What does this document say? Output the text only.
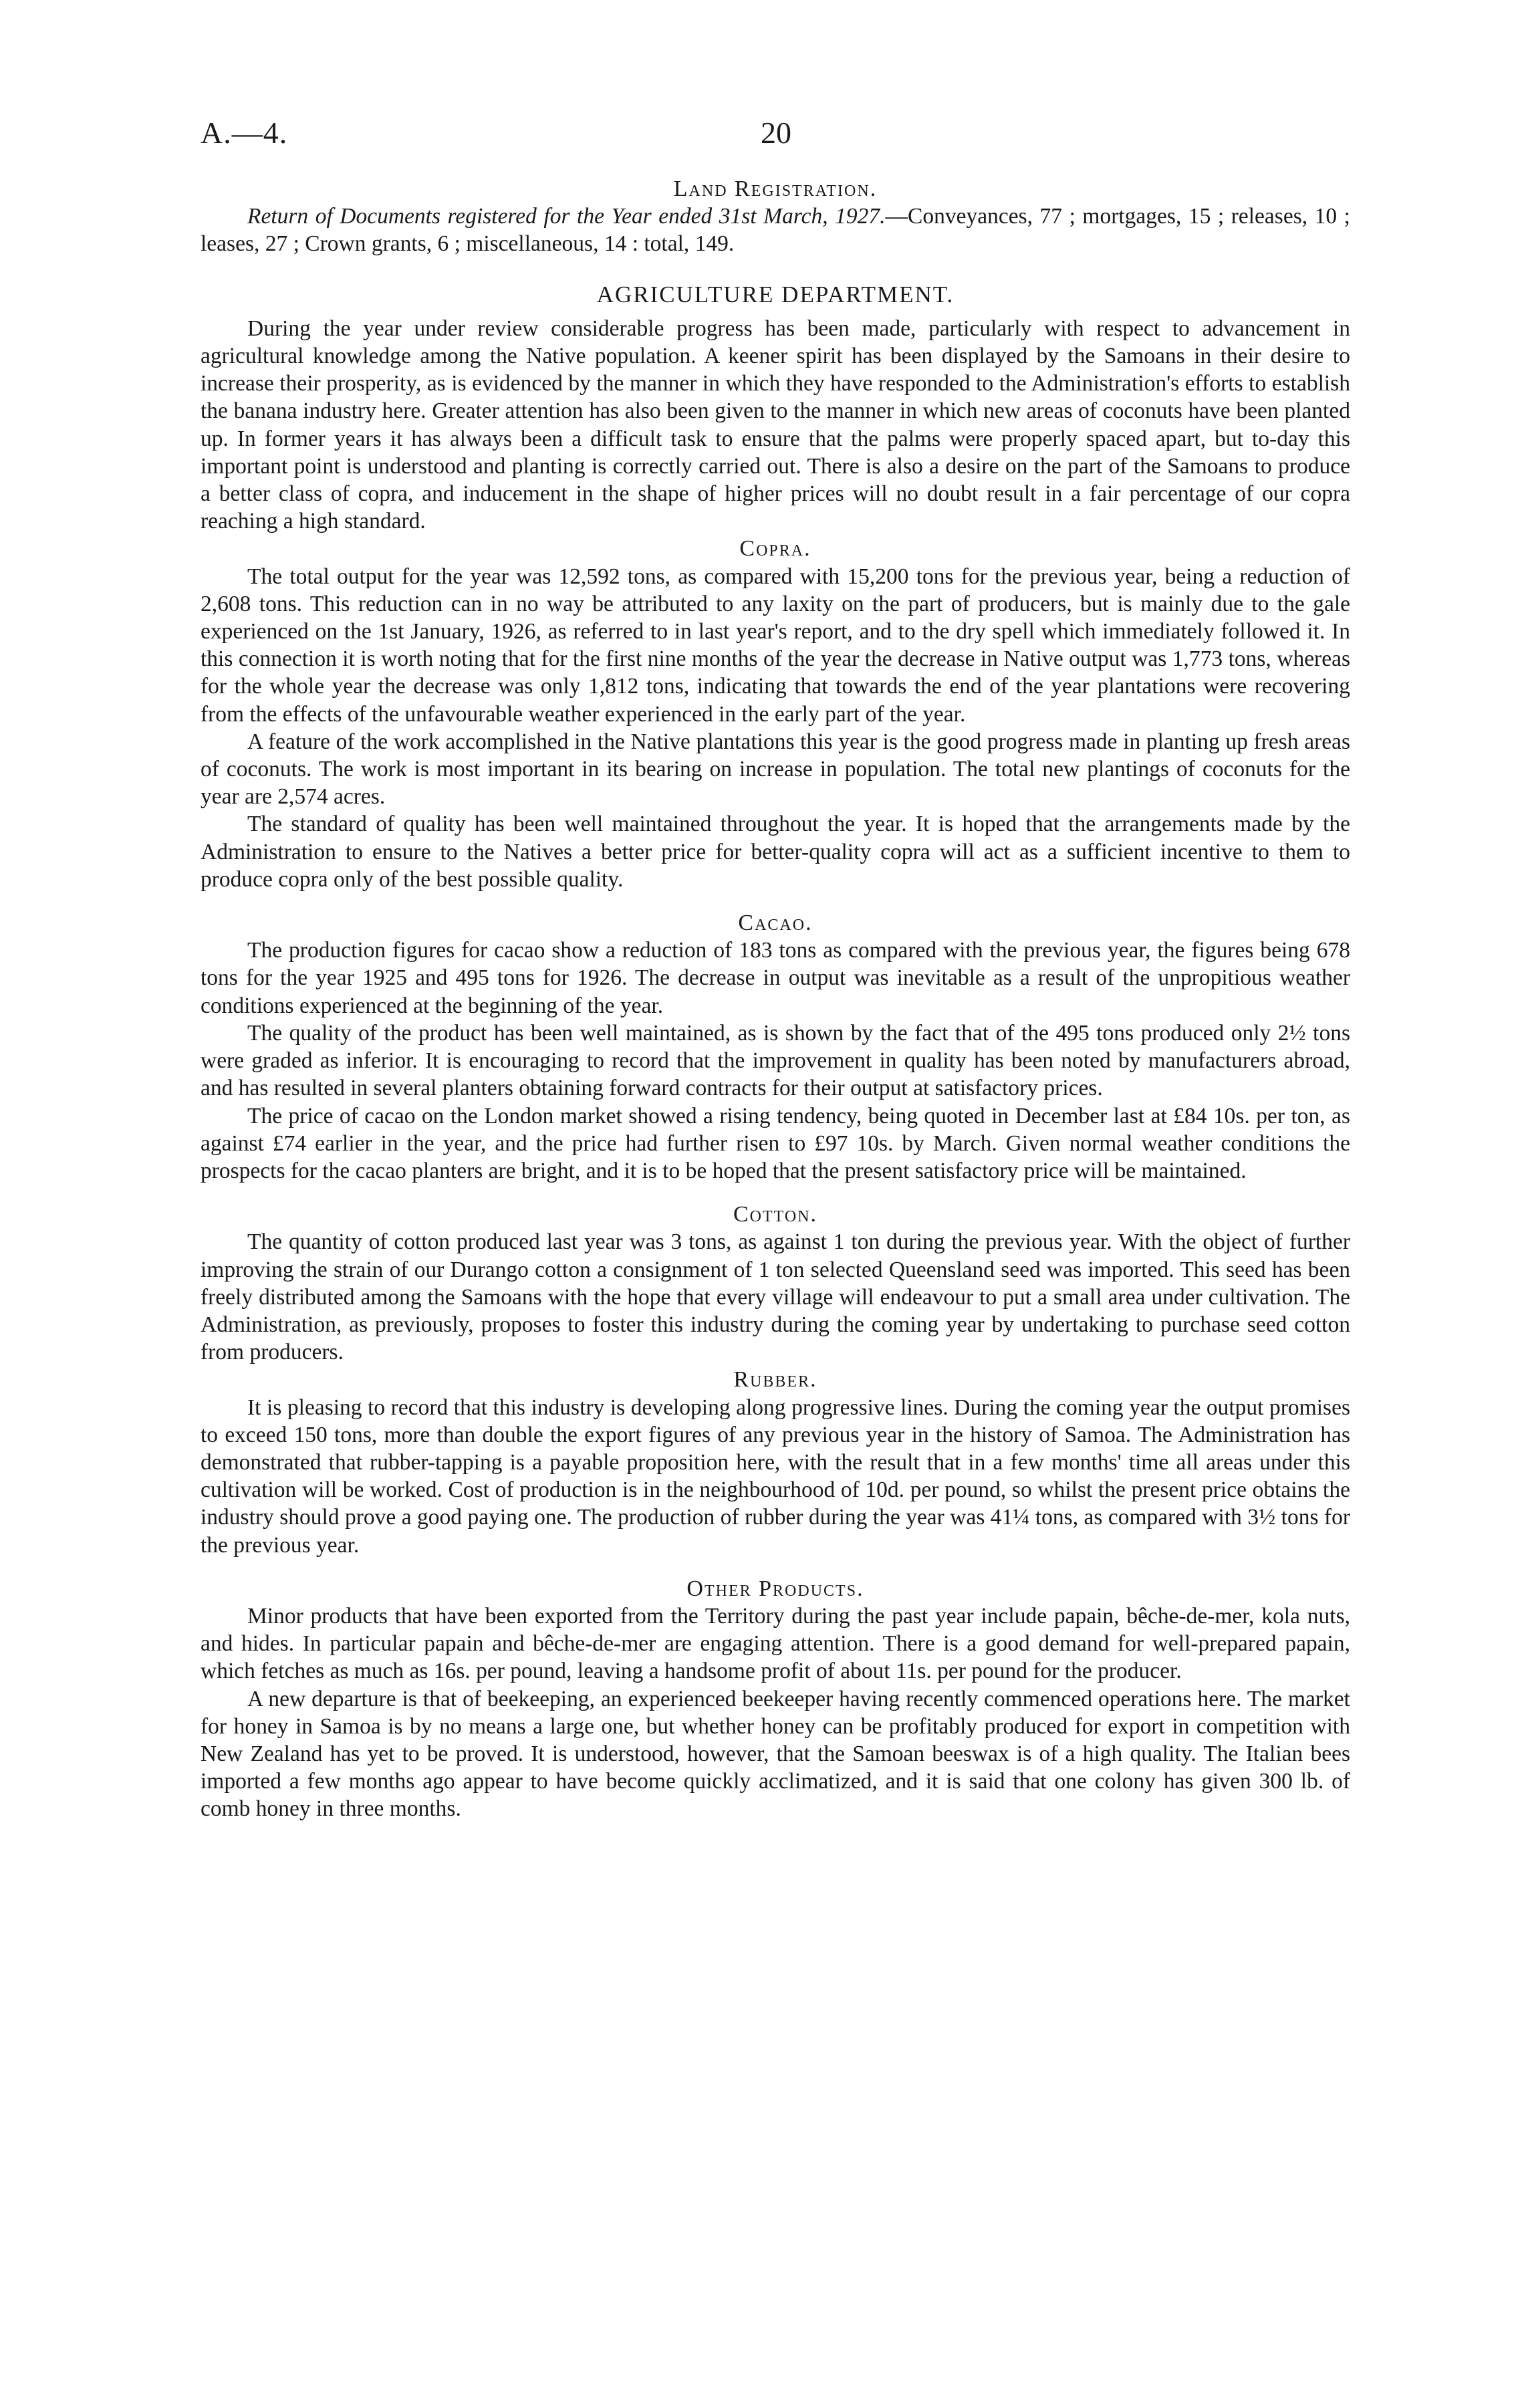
A.—4.	20
Land Registration.

Return of Documents registered for the Year ended 31st March, 1927.—Conveyances, 77 ; mortgages, 15 ; releases, 10 ; leases, 27 ; Crown grants, 6 ; miscellaneous, 14 : total, 149.

AGRICULTURE DEPARTMENT.

During the year under review considerable progress has been made, particularly with respect to advancement in agricultural knowledge among the Native population. A keener spirit has been displayed by the Samoans in their desire to increase their prosperity, as is evidenced by the manner in which they have responded to the Administration's efforts to establish the banana industry here. Greater attention has also been given to the manner in which new areas of coconuts have been planted up. In former years it has always been a difficult task to ensure that the palms were properly spaced apart, but to-day this important point is understood and planting is correctly carried out. There is also a desire on the part of the Samoans to produce a better class of copra, and inducement in the shape of higher prices will no doubt result in a fair percentage of our copra reaching a high standard.

Copra.

The total output for the year was 12,592 tons, as compared with 15,200 tons for the previous year, being a reduction of 2,608 tons. This reduction can in no way be attributed to any laxity on the part of producers, but is mainly due to the gale experienced on the 1st January, 1926, as referred to in last year's report, and to the dry spell which immediately followed it. In this connection it is worth noting that for the first nine months of the year the decrease in Native output was 1,773 tons, whereas for the whole year the decrease was only 1,812 tons, indicating that towards the end of the year plantations were recovering from the effects of the unfavourable weather experienced in the early part of the year.

A feature of the work accomplished in the Native plantations this year is the good progress made in planting up fresh areas of coconuts. The work is most important in its bearing on increase in population. The total new plantings of coconuts for the year are 2,574 acres.

The standard of quality has been well maintained throughout the year. It is hoped that the arrangements made by the Administration to ensure to the Natives a better price for better-quality copra will act as a sufficient incentive to them to produce copra only of the best possible quality.

Cacao.

The production figures for cacao show a reduction of 183 tons as compared with the previous year, the figures being 678 tons for the year 1925 and 495 tons for 1926. The decrease in output was inevitable as a result of the unpropitious weather conditions experienced at the beginning of the year.

The quality of the product has been well maintained, as is shown by the fact that of the 495 tons produced only 2½ tons were graded as inferior. It is encouraging to record that the improvement in quality has been noted by manufacturers abroad, and has resulted in several planters obtaining forward contracts for their output at satisfactory prices.

The price of cacao on the London market showed a rising tendency, being quoted in December last at £84 10s. per ton, as against £74 earlier in the year, and the price had further risen to £97 10s. by March. Given normal weather conditions the prospects for the cacao planters are bright, and it is to be hoped that the present satisfactory price will be maintained.

Cotton.

The quantity of cotton produced last year was 3 tons, as against 1 ton during the previous year. With the object of further improving the strain of our Durango cotton a consignment of 1 ton selected Queensland seed was imported. This seed has been freely distributed among the Samoans with the hope that every village will endeavour to put a small area under cultivation. The Administration, as previously, proposes to foster this industry during the coming year by undertaking to purchase seed cotton from producers.

Rubber.

It is pleasing to record that this industry is developing along progressive lines. During the coming year the output promises to exceed 150 tons, more than double the export figures of any previous year in the history of Samoa. The Administration has demonstrated that rubber-tapping is a payable proposition here, with the result that in a few months' time all areas under this cultivation will be worked. Cost of production is in the neighbourhood of 10d. per pound, so whilst the present price obtains the industry should prove a good paying one. The production of rubber during the year was 41¼ tons, as compared with 3½ tons for the previous year.

Other Products.

Minor products that have been exported from the Territory during the past year include papain, bêche-de-mer, kola nuts, and hides. In particular papain and bêche-de-mer are engaging attention. There is a good demand for well-prepared papain, which fetches as much as 16s. per pound, leaving a handsome profit of about 11s. per pound for the producer.

A new departure is that of beekeeping, an experienced beekeeper having recently commenced operations here. The market for honey in Samoa is by no means a large one, but whether honey can be profitably produced for export in competition with New Zealand has yet to be proved. It is understood, however, that the Samoan beeswax is of a high quality. The Italian bees imported a few months ago appear to have become quickly acclimatized, and it is said that one colony has given 300 lb. of comb honey in three months.
